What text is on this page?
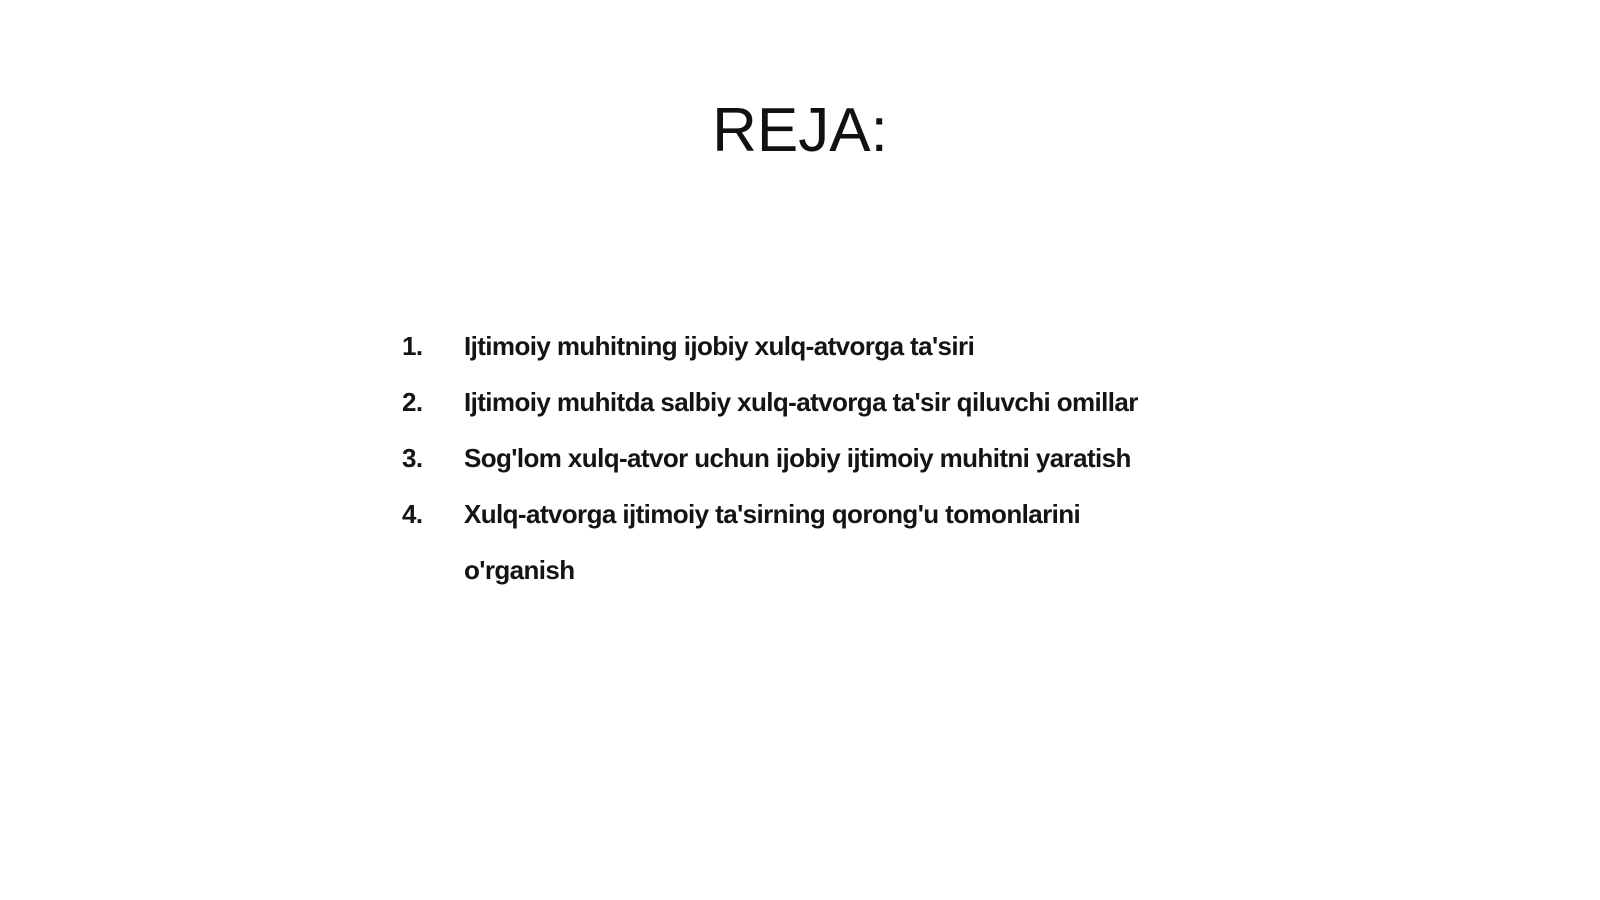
REJA:
1.	Ijtimoiy muhitning ijobiy xulq-atvorga ta'siri
2.	Ijtimoiy muhitda salbiy xulq-atvorga ta'sir qiluvchi omillar
3.	Sog'lom xulq-atvor uchun ijobiy ijtimoiy muhitni yaratish
4.	Xulq-atvorga ijtimoiy ta'sirning qorong'u tomonlarini o'rganish
